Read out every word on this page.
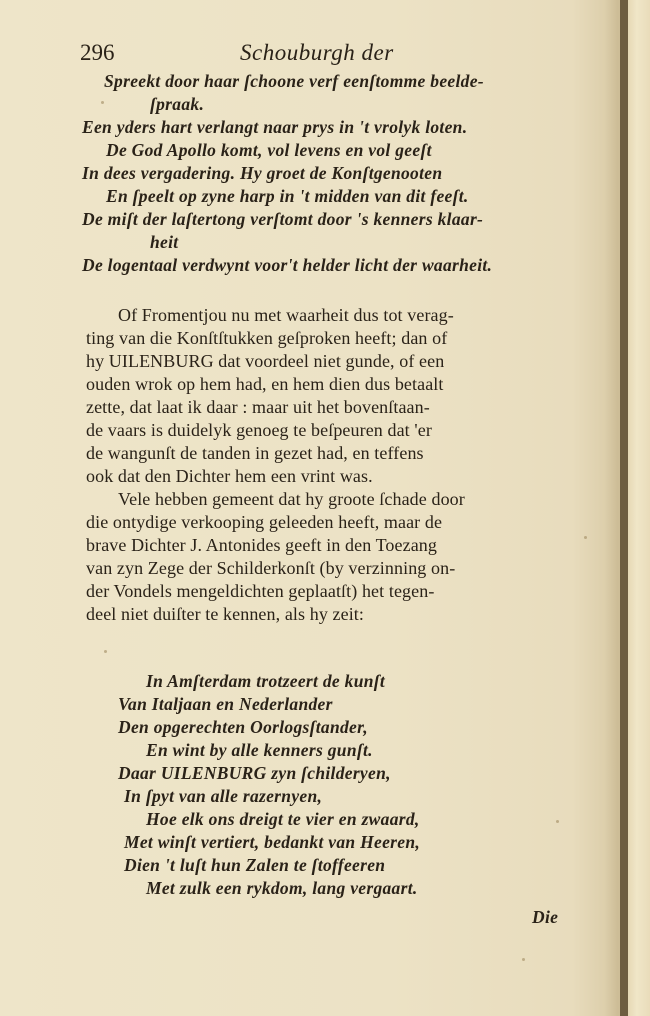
296	Schouburgh der
Spreekt door haar ſchoone verf eenſtomme beelde-
ſpraak.
Een yders hart verlangt naar prys in 't vrolyk loten.
De God Apollo komt, vol levens en vol geeſt
In dees vergadering. Hy groet de Konſtgenooten
En ſpeelt op zyne harp in 't midden van dit feeſt.
De miſt der laſtertong verſtomt door 's kenners klaar-
heit
De logentaal verdwynt voor't helder licht der waarheit.
Of Fromentjou nu met waarheit dus tot verag-
ting van die Konſtſtukken geſproken heeft; dan of
hy UILENBURG dat voordeel niet gunde, of een
ouden wrok op hem had, en hem dien dus betaalt
zette, dat laat ik daar : maar uit het bovenſtaan-
de vaars is duidelyk genoeg te beſpeuren dat 'er
de wangunſt de tanden in gezet had, en teffens
ook dat den Dichter hem een vrint was.
Vele hebben gemeent dat hy groote ſchade door
die ontydige verkooping geleeden heeft, maar de
brave Dichter J. Antonides geeft in den Toezang
van zyn Zege der Schilderkonſt (by verzinning on-
der Vondels mengeldichten geplaatſt) het tegen-
deel niet duiſter te kennen, als hy zeit:
In Amſterdam trotzeert de kunſt
Van Italjaan en Nederlander
Den opgerechten Oorlogsſtander,
En wint by alle kenners gunſt.
Daar UILENBURG zyn ſchilderyen,
In ſpyt van alle razernyen,
Hoe elk ons dreigt te vier en zwaard,
Met winſt vertiert, bedankt van Heeren,
Dien 't luſt hun Zalen te ſtoffeeren
Met zulk een rykdom, lang vergaart.
Die
